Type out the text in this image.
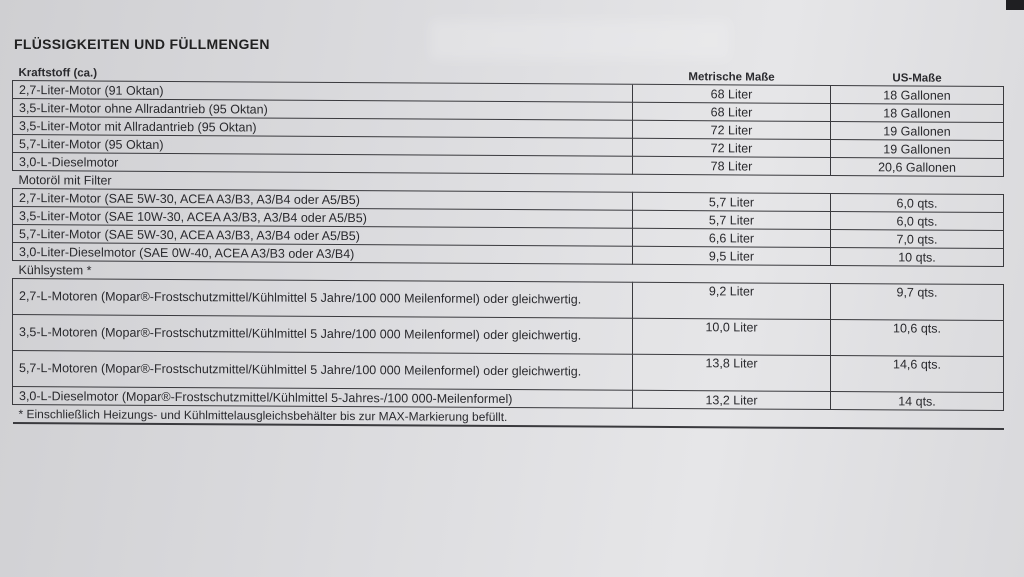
FLÜSSIGKEITEN UND FÜLLMENGEN
Kraftstoff (ca.)	Metrische Maße	US-Maße
2,7-Liter-Motor (91 Oktan)	68 Liter	18 Gallonen
3,5-Liter-Motor ohne Allradantrieb (95 Oktan)	68 Liter	18 Gallonen
3,5-Liter-Motor mit Allradantrieb (95 Oktan)	72 Liter	19 Gallonen
5,7-Liter-Motor (95 Oktan)	72 Liter	19 Gallonen
3,0-L-Dieselmotor	78 Liter	20,6 Gallonen
Motoröl mit Filter		
2,7-Liter-Motor (SAE 5W-30, ACEA A3/B3, A3/B4 oder A5/B5)	5,7 Liter	6,0 qts.
3,5-Liter-Motor (SAE 10W-30, ACEA A3/B3, A3/B4 oder A5/B5)	5,7 Liter	6,0 qts.
5,7-Liter-Motor (SAE 5W-30, ACEA A3/B3, A3/B4 oder A5/B5)	6,6 Liter	7,0 qts.
3,0-Liter-Dieselmotor (SAE 0W-40, ACEA A3/B3 oder A3/B4)	9,5 Liter	10 qts.
Kühlsystem *		
2,7-L-Motoren (Mopar®-Frostschutzmittel/Kühlmittel 5 Jahre/100 000 Meilenformel) oder gleichwertig.	9,2 Liter	9,7 qts.
3,5-L-Motoren (Mopar®-Frostschutzmittel/Kühlmittel 5 Jahre/100 000 Meilenformel) oder gleichwertig.	10,0 Liter	10,6 qts.
5,7-L-Motoren (Mopar®-Frostschutzmittel/Kühlmittel 5 Jahre/100 000 Meilenformel) oder gleichwertig.	13,8 Liter	14,6 qts.
3,0-L-Dieselmotor (Mopar®-Frostschutzmittel/Kühlmittel 5-Jahres-/100 000-Meilenformel)	13,2 Liter	14 qts.
* Einschließlich Heizungs- und Kühlmittelausgleichsbehälter bis zur MAX-Markierung befüllt.		
